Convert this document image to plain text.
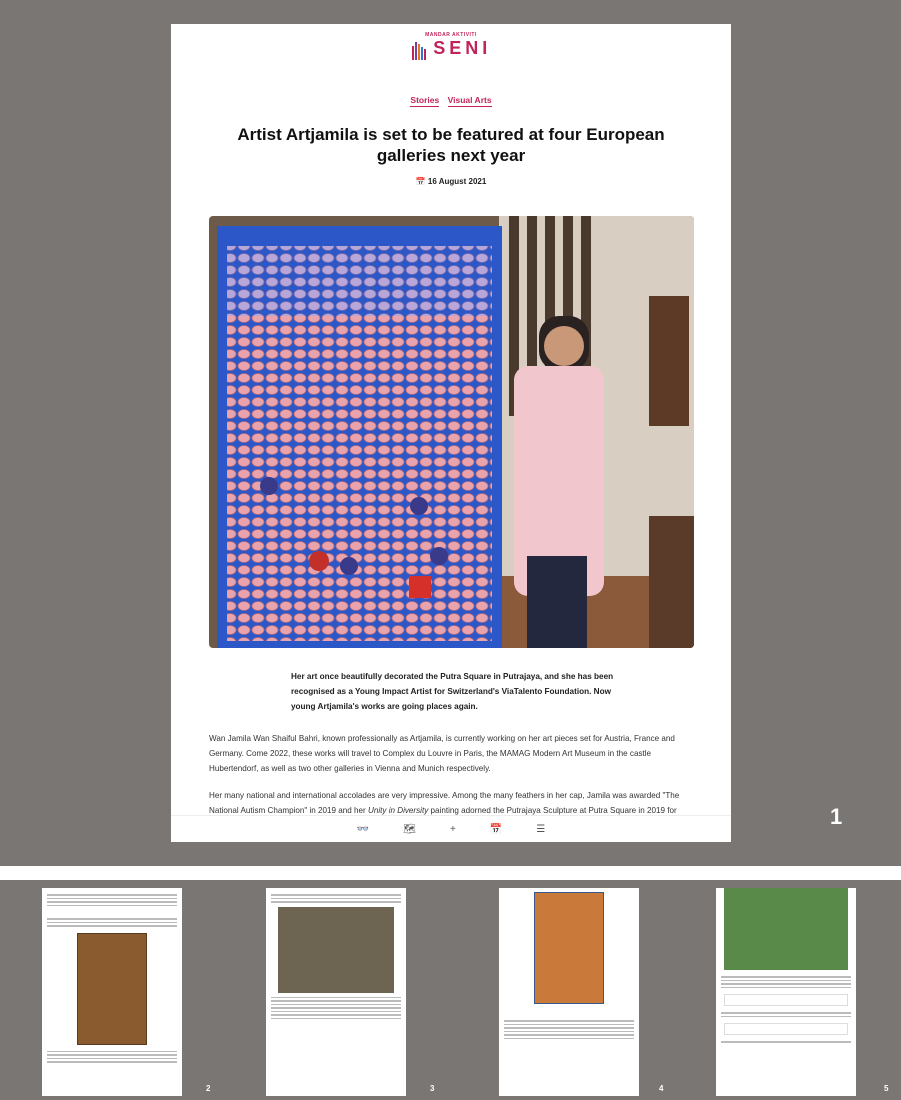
MANDAR AKTIVITI
SENI
Stories Visual Arts
Artist Artjamila is set to be featured at four European galleries next year
📅 16 August 2021
Her art once beautifully decorated the Putra Square in Putrajaya, and she has been recognised as a Young Impact Artist for Switzerland's ViaTalento Foundation. Now young Artjamila's works are going places again.
Wan Jamila Wan Shaiful Bahri, known professionally as Artjamila, is currently working on her art pieces set for Austria, France and Germany. Come 2022, these works will travel to Complex du Louvre in Paris, the MAMAG Modern Art Museum in the castle Hubertendorf, as well as two other galleries in Vienna and Munich respectively.
Her many national and international accolades are very impressive. Among the many feathers in her cap, Jamila was awarded "The National Autism Champion" in 2019 and her Unity in Diversity painting adorned the Putrajaya Sculpture at Putra Square in 2019 for
👓	🗺	+	📅	☰	1
2	3	4	5
